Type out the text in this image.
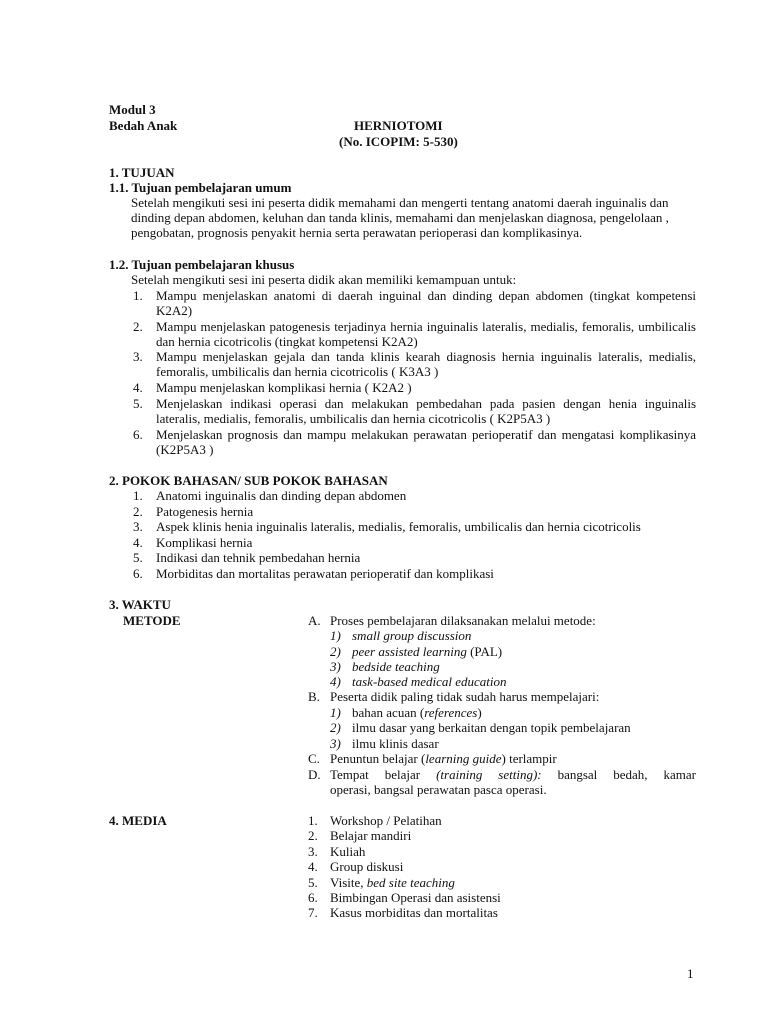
Modul 3
Bedah Anak	HERNIOTOMI
(No. ICOPIM: 5-530)
1. TUJUAN
1.1. Tujuan pembelajaran umum
Setelah mengikuti sesi ini peserta didik memahami dan mengerti tentang anatomi daerah inguinalis dan dinding depan abdomen, keluhan dan tanda klinis, memahami dan menjelaskan diagnosa, pengelolaan , pengobatan, prognosis penyakit hernia serta perawatan perioperasi dan komplikasinya.
1.2. Tujuan pembelajaran khusus
Setelah mengikuti sesi ini peserta didik akan memiliki kemampuan untuk:
1. Mampu menjelaskan anatomi di daerah inguinal dan dinding depan abdomen (tingkat kompetensi K2A2)
2. Mampu menjelaskan patogenesis terjadinya hernia inguinalis lateralis, medialis, femoralis, umbilicalis dan hernia cicotricolis (tingkat kompetensi K2A2)
3. Mampu menjelaskan gejala dan tanda klinis kearah diagnosis hernia inguinalis lateralis, medialis, femoralis, umbilicalis dan hernia cicotricolis ( K3A3 )
4. Mampu menjelaskan komplikasi hernia ( K2A2 )
5. Menjelaskan indikasi operasi dan melakukan pembedahan pada pasien dengan henia inguinalis lateralis, medialis, femoralis, umbilicalis dan hernia cicotricolis ( K2P5A3 )
6. Menjelaskan prognosis dan mampu melakukan perawatan perioperatif dan mengatasi komplikasinya (K2P5A3 )
2. POKOK BAHASAN/ SUB POKOK BAHASAN
1. Anatomi inguinalis dan dinding depan abdomen
2. Patogenesis hernia
3. Aspek klinis henia inguinalis lateralis, medialis, femoralis, umbilicalis dan hernia cicotricolis
4. Komplikasi hernia
5. Indikasi dan tehnik pembedahan hernia
6. Morbiditas dan mortalitas perawatan perioperatif dan komplikasi
3. WAKTU
METODE	A. Proses pembelajaran dilaksanakan melalui metode:
1) small group discussion
2) peer assisted learning (PAL)
3) bedside teaching
4) task-based medical education
B. Peserta didik paling tidak sudah harus mempelajari:
1) bahan acuan (references)
2) ilmu dasar yang berkaitan dengan topik pembelajaran
3) ilmu klinis dasar
C. Penuntun belajar (learning guide) terlampir
D. Tempat belajar (training setting): bangsal bedah, kamar
operasi, bangsal perawatan pasca operasi.
4. MEDIA	1. Workshop / Pelatihan
2. Belajar mandiri
3. Kuliah
4. Group diskusi
5. Visite, bed site teaching
6. Bimbingan Operasi dan asistensi
7. Kasus morbiditas dan mortalitas
1
